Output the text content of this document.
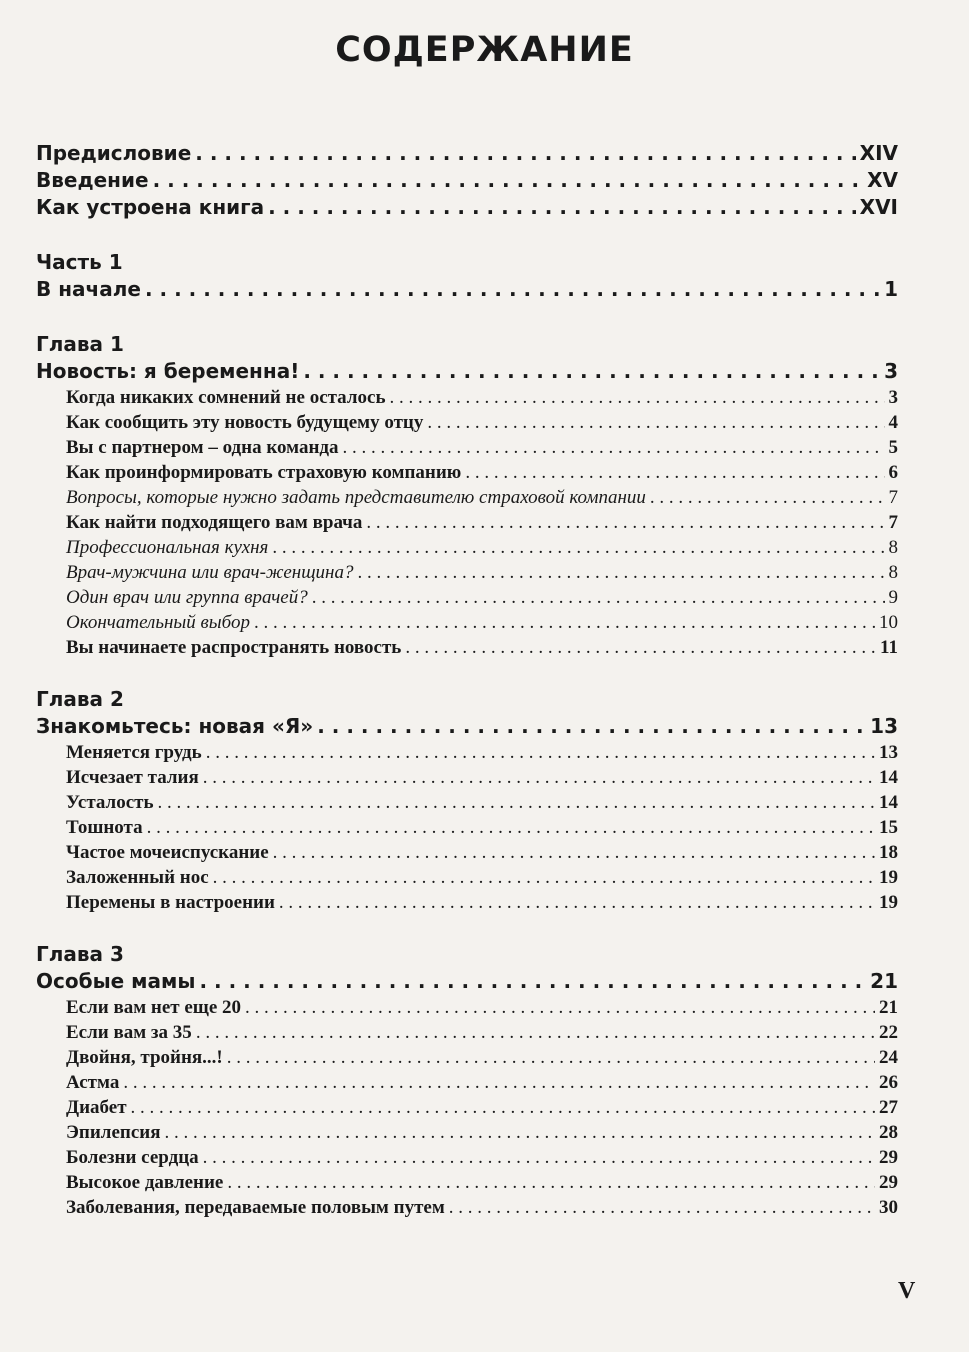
СОДЕРЖАНИЕ
Предисловие . . .	XIV
Введение . . .	XV
Как устроена книга . . .	XVI
Часть 1
В начале . . .	1
Глава 1
Новость: я беременна! . . .	3
Когда никаких сомнений не осталось . . .	3
Как сообщить эту новость будущему отцу . . .	4
Вы с партнером – одна команда . . .	5
Как проинформировать страховую компанию . . .	6
Вопросы, которые нужно задать представителю страховой компании . . .	7
Как найти подходящего вам врача . . .	7
Профессиональная кухня . . .	8
Врач-мужчина или врач-женщина? . . .	8
Один врач или группа врачей? . . .	9
Окончательный выбор . . .	10
Вы начинаете распространять новость . . .	11
Глава 2
Знакомьтесь: новая «Я» . . .	13
Меняется грудь . . .	13
Исчезает талия . . .	14
Усталость . . .	14
Тошнота . . .	15
Частое мочеиспускание . . .	18
Заложенный нос . . .	19
Перемены в настроении . . .	19
Глава 3
Особые мамы . . .	21
Если вам нет еще 20 . . .	21
Если вам за 35 . . .	22
Двойня, тройня...! . . .	24
Астма . . .	26
Диабет . . .	27
Эпилепсия . . .	28
Болезни сердца . . .	29
Высокое давление . . .	29
Заболевания, передаваемые половым путем . . .	30
V
